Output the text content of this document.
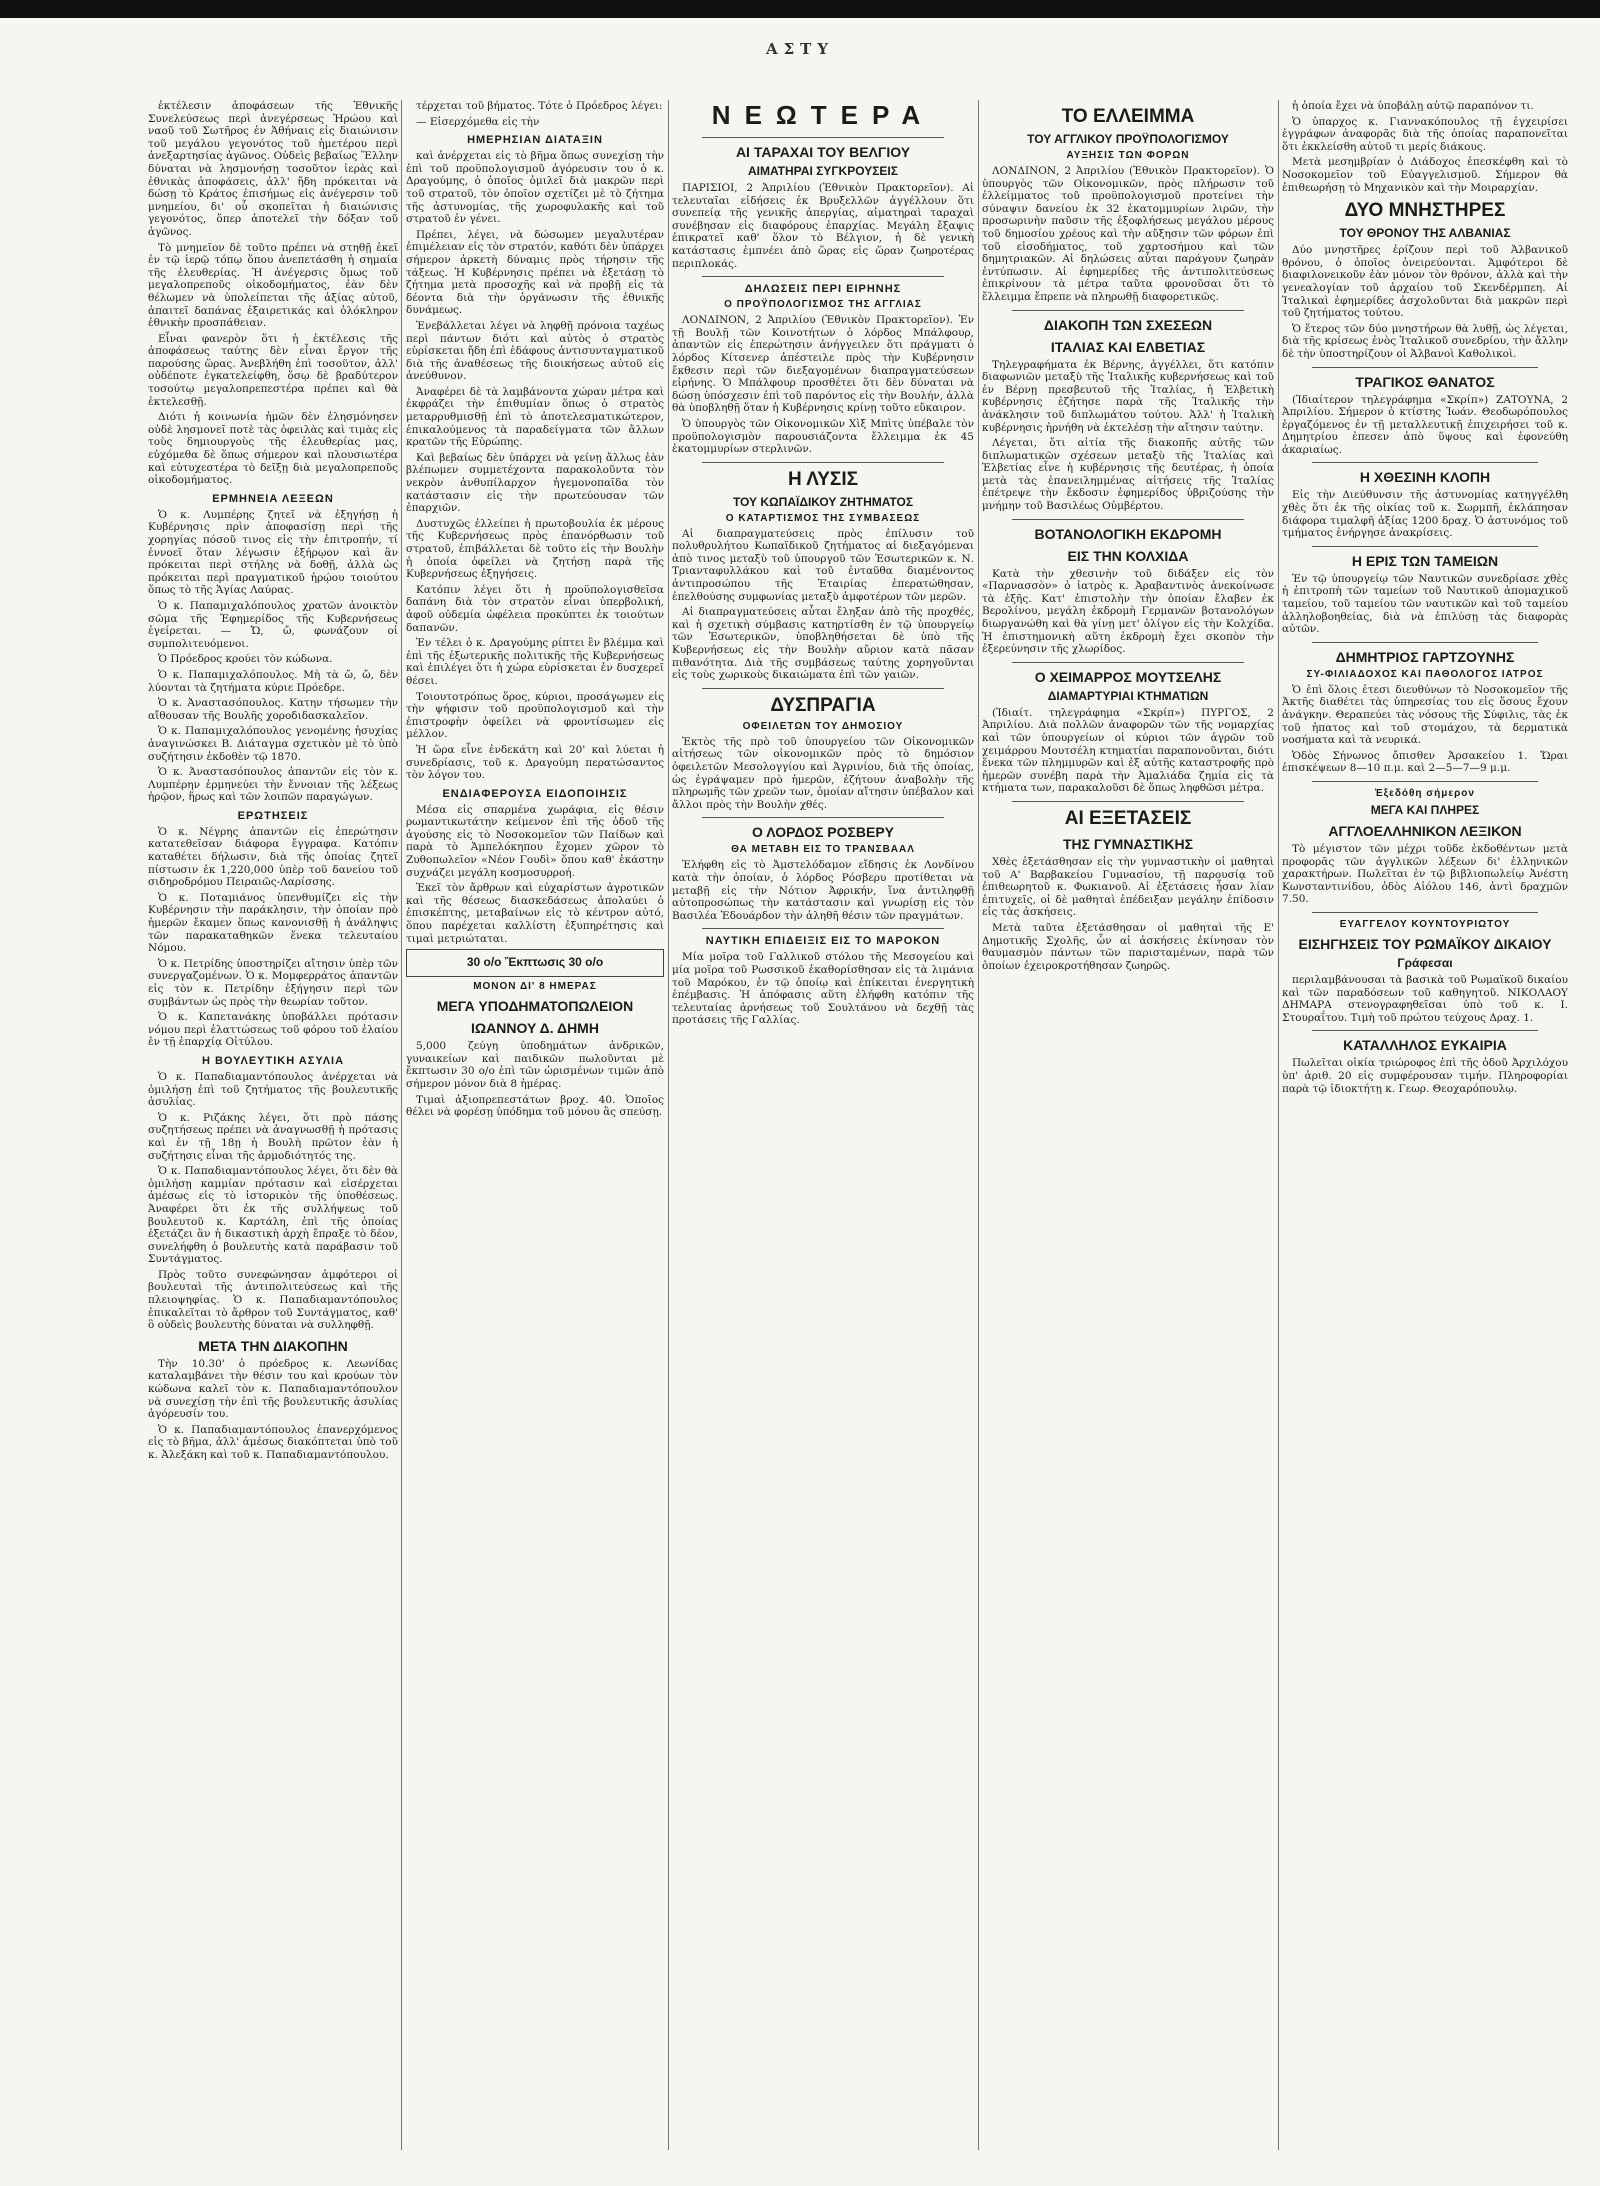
ΑΣΤΥ

ἐκτέλεσιν ἀποφάσεων τῆς Ἐθνικῆς Συνελεύσεως περὶ ἀνεγέρσεως Ἡρώου καὶ ναοῦ τοῦ Σωτῆρος ἐν Ἀθήναις εἰς διαιώνισιν τοῦ μεγάλου γεγονότος τοῦ ἡμετέρου περὶ ἀνεξαρτησίας ἀγῶνος. Οὐδεὶς βεβαίως Ἕλλην δύναται νὰ λησμονήσῃ τοσοῦτον ἱερὰς καὶ ἐθνικὰς ἀποφάσεις, ἀλλ' ἤδη πρόκειται νὰ δώσῃ τὸ Κράτος ἐπισήμως εἰς ἀνέγερσιν τοῦ μνημείου, δι' οὗ σκοπεῖται ἡ διαιώνισις γεγονότος, ὅπερ ἀποτελεῖ τὴν δόξαν τοῦ ἀγῶνος.

Τὸ μνημεῖον δὲ τοῦτο πρέπει νὰ στηθῇ ἐκεῖ ἐν τῷ ἱερῷ τόπῳ ὅπου ἀνεπετάσθη ἡ σημαία τῆς ἐλευθερίας. Ἡ ἀνέγερσις ὅμως τοῦ μεγαλοπρεποῦς οἰκοδομήματος, ἐὰν δὲν θέλωμεν νὰ ὑπολείπεται τῆς ἀξίας αὐτοῦ, ἀπαιτεῖ δαπάνας ἐξαιρετικάς καὶ ὁλόκληρον ἐθνικὴν προσπάθειαν.

Εἶναι φανερὸν ὅτι ἡ ἐκτέλεσις τῆς ἀποφάσεως ταύτης δὲν εἶναι ἔργον τῆς παρούσης ὥρας. Ἀνεβλήθη ἐπὶ τοσοῦτον, ἀλλ' οὐδέποτε ἐγκατελείφθη, ὅσῳ δὲ βραδύτερον τοσούτῳ μεγαλοπρεπεστέρα πρέπει καὶ θὰ ἐκτελεσθῇ.

Διότι ἡ κοινωνία ἡμῶν δὲν ἐλησμόνησεν οὐδὲ λησμονεῖ ποτὲ τὰς ὀφειλὰς καὶ τιμὰς εἰς τοὺς δημιουργοὺς τῆς ἐλευθερίας μας, εὐχόμεθα δὲ ὅπως σήμερον καὶ πλουσιωτέρα καὶ εὐτυχεστέρα τὸ δεῖξῃ διὰ μεγαλοπρεποῦς οἰκοδομήματος.

ΕΡΜΗΝΕΙΑ ΛΕΞΕΩΝ

Ὁ κ. Λυμπέρης ζητεῖ νὰ ἐξηγήσῃ ἡ Κυβέρνησις πρὶν ἀποφασίσῃ περὶ τῆς χορηγίας πόσοῦ τινος εἰς τὴν ἐπιτροπήν, τί ἐννοεῖ ὅταν λέγωσιν ἐξήρῳον καὶ ἂν πρόκειται περὶ στήλης νὰ δοθῇ, ἀλλὰ ὡς πρόκειται περὶ πραγματικοῦ ἡρῴου τοιούτου ὅπως τὸ τῆς Ἁγίας Λαύρας.

Ὁ κ. Παπαμιχαλόπουλος χρατῶν ἀνοικτὸν σῶμα τῆς Ἐφημερίδος τῆς Κυβερνήσεως ἐγείρεται. — Ὤ, ὤ, φωνάζουν οἱ συμπολιτευόμενοι.

Ὁ Πρόεδρος κρούει τὸν κώδωνα.

Ὁ κ. Παπαμιχαλόπουλος. Μὴ τὰ ὤ, ὤ, δὲν λύονται τὰ ζητήματα κύριε Πρόεδρε.

Ὁ κ. Ἀναστασόπουλος. Κατην τήσωμεν τὴν αἴθουσαν τῆς Βουλῆς χοροδιδασκαλεῖον.

Ὁ κ. Παπαμιχαλόπουλος γενομένης ἡσυχίας ἀναγινώσκει Β. Διάταγμα σχετικὸν μὲ τὸ ὑπὸ συζήτησιν ἐκδοθὲν τῷ 1870.

Ὁ κ. Ἀναστασόπουλος ἀπαντῶν εἰς τὸν κ. Λυμπέρην ἑρμηνεύει τὴν ἔννοιαν τῆς λέξεως ἡρῷον, ἥρως καὶ τῶν λοιπῶν παραγώγων.

ΕΡΩΤΗΣΕΙΣ

Ὁ κ. Νέγρης ἀπαντῶν εἰς ἐπερώτησιν κατατεθεῖσαν διάφορα ἔγγραφα. Κατόπιν καταθέτει δήλωσιν, διὰ τῆς ὁποίας ζητεῖ πίστωσιν ἐκ 1,220,000 ὑπὲρ τοῦ δανείου τοῦ σιδηροδρόμου Πειραιῶς-Λαρίσσης.

Ὁ κ. Ποταμιάνος ὑπενθυμίζει εἰς τὴν Κυβέρνησιν τὴν παράκλησιν, τὴν ὁποίαν πρὸ ἡμερῶν ἔκαμεν ὅπως κανονισθῇ ἡ ἀνάληψις τῶν παρακαταθηκῶν ἕνεκα τελευταίου Νόμου.

Ὁ κ. Πετρίδης ὑποστηρίζει αἴτησιν ὑπὲρ τῶν συνεργαζομένων. Ὁ κ. Μομφερράτος ἀπαντῶν εἰς τὸν κ. Πετρίδην ἐξήγησιν περὶ τῶν συμβάντων ὡς πρὸς τὴν θεωρίαν τοῦτον.

Ὁ κ. Καπετανάκης ὑποβάλλει πρότασιν νόμου περὶ ἐλαττώσεως τοῦ φόρου τοῦ ἐλαίου ἐν τῇ ἐπαρχίᾳ Οἰτύλου.

Η ΒΟΥΛΕΥΤΙΚΗ ΑΣΥΛΙΑ

Ὁ κ. Παπαδιαμαντόπουλος ἀνέρχεται νὰ ὁμιλήσῃ ἐπὶ τοῦ ζητήματος τῆς βουλευτικῆς ἀσυλίας.

Ὁ κ. Ριζάκης λέγει, ὅτι πρὸ πάσης συζητήσεως πρέπει νὰ ἀναγνωσθῇ ἡ πρότασις καὶ ἐν τῇ 18ῃ ἡ Βουλὴ πρῶτον ἐὰν ἡ συζήτησις εἶναι τῆς ἁρμοδιότητός της.

Ὁ κ. Παπαδιαμαντόπουλος λέγει, ὅτι δὲν θὰ ὁμιλήσῃ καμμίαν πρότασιν καὶ εἰσέρχεται ἀμέσως εἰς τὸ ἱστορικὸν τῆς ὑποθέσεως. Ἀναφέρει ὅτι ἐκ τῆς συλλήψεως τοῦ βουλευτοῦ κ. Καρτάλη, ἐπὶ τῆς ὁποίας ἐξετάζει ἂν ἡ δικαστικὴ ἀρχὴ ἔπραξε τὸ δέον, συνελήφθη ὁ βουλευτὴς κατὰ παράβασιν τοῦ Συντάγματος.

Πρὸς τοῦτο συνεφώνησαν ἀμφότεροι οἱ βουλευταὶ τῆς ἀντιπολιτεύσεως καὶ τῆς πλειοψηφίας. Ὁ κ. Παπαδιαμαντόπουλος ἐπικαλεῖται τὸ ἄρθρον τοῦ Συντάγματος, καθ' ὃ οὐδεὶς βουλευτὴς δύναται νὰ συλληφθῇ.

ΜΕΤΑ ΤΗΝ ΔΙΑΚΟΠΗΝ

Τὴν 10.30' ὁ πρόεδρος κ. Λεωνίδας καταλαμβάνει τὴν θέσιν του καὶ κρούων τὸν κώδωνα καλεῖ τὸν κ. Παπαδιαμαντόπουλον νὰ συνεχίσῃ τὴν ἐπὶ τῆς βουλευτικῆς ἀσυλίας ἀγόρευσίν του.

Ὁ κ. Παπαδιαμαντόπουλος ἐπανερχόμενος εἰς τὸ βῆμα, ἀλλ' ἀμέσως διακόπτεται ὑπὸ τοῦ κ. Ἀλεξάκη καὶ τοῦ κ. Παπαδιαμαντόπουλου.

τέρχεται τοῦ βήματος. Τότε ὁ Πρόεδρος λέγει:

— Εἰσερχόμεθα εἰς τὴν

ΗΜΕΡΗΣΙΑΝ ΔΙΑΤΑΞΙΝ

καὶ ἀνέρχεται εἰς τὸ βῆμα ὅπως συνεχίσῃ τὴν ἐπὶ τοῦ προϋπολογισμοῦ ἀγόρευσιν του ὁ κ. Δραγούμης, ὁ ὁποῖος ὁμιλεῖ διὰ μακρῶν περὶ τοῦ στρατοῦ, τὸν ὁποῖον σχετίζει μὲ τὸ ζήτημα τῆς ἀστυνομίας, τῆς χωροφυλακῆς καὶ τοῦ στρατοῦ ἐν γένει.

Πρέπει, λέγει, νὰ δώσωμεν μεγαλυτέραν ἐπιμέλειαν εἰς τὸν στρατόν, καθότι δὲν ὑπάρχει σήμερον ἀρκετὴ δύναμις πρὸς τήρησιν τῆς τάξεως. Ἡ Κυβέρνησις πρέπει νὰ ἐξετάσῃ τὸ ζήτημα μετὰ προσοχῆς καὶ νὰ προβῇ εἰς τὰ δέοντα διὰ τὴν ὀργάνωσιν τῆς ἐθνικῆς δυνάμεως.

Ἐνεβάλλεται λέγει νὰ ληφθῇ πρόνοια ταχέως περὶ πάντων διότι καὶ αὐτὸς ὁ στρατὸς εὑρίσκεται ἤδη ἐπὶ ἐδάφους ἀντισυνταγματικοῦ διὰ τῆς ἀναθέσεως τῆς διοικήσεως αὐτοῦ εἰς ἀνεύθυνον.

Ἀναφέρει δὲ τὰ λαμβάνοντα χώραν μέτρα καὶ ἐκφράζει τὴν ἐπιθυμίαν ὅπως ὁ στρατὸς μεταρρυθμισθῇ ἐπὶ τὸ ἀποτελεσματικώτερον, ἐπικαλούμενος τὰ παραδείγματα τῶν ἄλλων κρατῶν τῆς Εὐρώπης.

Καὶ βεβαίως δὲν ὑπάρχει νὰ γείνῃ ἄλλως ἐὰν βλέπωμεν συμμετέχοντα παρακολοῦντα τὸν νεκρὸν ἀνθυπίλαρχον ἡγεμονοπαῖδα τὸν κατάστασιν εἰς τὴν πρωτεύουσαν τῶν ἐπαρχιῶν.

Δυστυχῶς ἐλλείπει ἡ πρωτοβουλία ἐκ μέρους τῆς Κυβερνήσεως πρὸς ἐπανόρθωσιν τοῦ στρατοῦ, ἐπιβάλλεται δὲ τοῦτο εἰς τὴν Βουλὴν ἡ ὁποία ὀφείλει νὰ ζητήσῃ παρὰ τῆς Κυβερνήσεως ἐξηγήσεις.

Κατόπιν λέγει ὅτι ἡ προϋπολογισθεῖσα δαπάνη διὰ τὸν στρατὸν εἶναι ὑπερβολική, ἀφοῦ οὐδεμία ὠφέλεια προκύπτει ἐκ τοιούτων δαπανῶν.

Ἐν τέλει ὁ κ. Δραγούμης ρίπτει ἓν βλέμμα καὶ ἐπὶ τῆς ἐξωτερικῆς πολιτικῆς τῆς Κυβερνήσεως καὶ ἐπιλέγει ὅτι ἡ χώρα εὑρίσκεται ἐν δυσχερεῖ θέσει.

Τοιουτοτρόπως ὅρος, κύριοι, προσάγωμεν εἰς τὴν ψήφισιν τοῦ προϋπολογισμοῦ καὶ τὴν ἐπιστροφὴν ὀφείλει νὰ φροντίσωμεν εἰς μέλλον.

Ἡ ὥρα εἶνε ἐνδεκάτη καὶ 20' καὶ λύεται ἡ συνεδρίασις, τοῦ κ. Δραγούμη περατώσαντος τὸν λόγον του.

ΕΝΔΙΑΦΕΡΟΥΣΑ ΕΙΔΟΠΟΙΗΣΙΣ

Μέσα εἰς σπαρμένα χωράφια, εἰς θέσιν ρωμαντικωτάτην κείμενον ἐπὶ τῆς ὁδοῦ τῆς ἀγούσης εἰς τὸ Νοσοκομεῖον τῶν Παίδων καὶ παρὰ τὸ Ἀμπελόκηπου ἔχομεν χῶρον τὸ Ζυθοπωλεῖον «Νέον Γουδὶ» ὅπου καθ' ἑκάστην συχνάζει μεγάλη κοσμοσυρροή.

Ἐκεῖ τὸν ἄρθρων καὶ εὐχαρίστων ἀγροτικῶν καὶ τῆς θέσεως διασκεδάσεως ἀπολαύει ὁ ἐπισκέπτης, μεταβαίνων εἰς τὸ κέντρον αὐτό, ὅπου παρέχεται καλλίστη ἐξυπηρέτησις καὶ τιμαὶ μετριώταται.

30 ο/ο Ἔκπτωσις 30 ο/ο
ΜΟΝΟΝ ΔΙ' 8 ΗΜΕΡΑΣ
ΜΕΓΑ ΥΠΟΔΗΜΑΤΟΠΩΛΕΙΟΝ
ΙΩΑΝΝΟΥ Δ. ΔΗΜΗ

5,000 ζεύγη ὑποδημάτων ἀνδρικῶν, γυναικείων καὶ παιδικῶν πωλοῦνται μὲ ἔκπτωσιν 30 ο/ο ἐπὶ τῶν ὡρισμένων τιμῶν ἀπὸ σήμερον μόνον διὰ 8 ἡμέρας.

Τιμαὶ ἀξιοπρεπεστάτων βροχ. 40. Ὁποῖος θέλει νὰ φορέσῃ ὑπόδημα τοῦ μόνου ἂς σπεύσῃ.

ΝΕΩΤΕΡΑ
ΑΙ ΤΑΡΑΧΑΙ ΤΟΥ ΒΕΛΓΙΟΥ
ΑΙΜΑΤΗΡΑΙ ΣΥΓΚΡΟΥΣΕΙΣ

ΠΑΡΙΣΙΟΙ, 2 Ἀπριλίου (Ἐθνικὸν Πρακτορεῖον). Αἱ τελευταῖαι εἰδήσεις ἐκ Βρυξελλῶν ἀγγέλλουν ὅτι συνεπείᾳ τῆς γενικῆς ἀπεργίας, αἱματηραὶ ταραχαὶ συνέβησαν εἰς διαφόρους ἐπαρχίας. Μεγάλη ἔξαψις ἐπικρατεῖ καθ' ὅλον τὸ Βέλγιον, ἡ δὲ γενικὴ κατάστασις ἐμπνέει ἀπὸ ὥρας εἰς ὥραν ζωηροτέρας περιπλοκάς.

ΔΗΛΩΣΕΙΣ ΠΕΡΙ ΕΙΡΗΝΗΣ
Ο ΠΡΟΫΠΟΛΟΓΙΣΜΟΣ ΤΗΣ ΑΓΓΛΙΑΣ

ΛΟΝΔΙΝΟΝ, 2 Ἀπριλίου (Ἐθνικὸν Πρακτορεῖον). Ἐν τῇ Βουλῇ τῶν Κοινοτήτων ὁ λόρδος Μπάλφουρ, ἀπαντῶν εἰς ἐπερώτησιν ἀνήγγειλεν ὅτι πράγματι ὁ λόρδος Κίτσενερ ἀπέστειλε πρὸς τὴν Κυβέρνησιν ἔκθεσιν περὶ τῶν διεξαγομένων διαπραγματεύσεων εἰρήνης. Ὁ Μπάλφουρ προσθέτει ὅτι δὲν δύναται νὰ δώσῃ ὑπόσχεσιν ἐπὶ τοῦ παρόντος εἰς τὴν Βουλήν, ἀλλὰ θὰ ὑποβληθῇ ὅταν ἡ Κυβέρνησις κρίνῃ τοῦτο εὔκαιρον.

Ὁ ὑπουργὸς τῶν Οἰκονομικῶν Χὶξ Μπὶτς ὑπέβαλε τὸν προϋπολογισμὸν παρουσιάζοντα ἔλλειμμα ἐκ 45 ἑκατομμυρίων στερλινῶν.

Η ΛΥΣΙΣ
ΤΟΥ ΚΩΠΑΪΔΙΚΟΥ ΖΗΤΗΜΑΤΟΣ
Ο ΚΑΤΑΡΤΙΣΜΟΣ ΤΗΣ ΣΥΜΒΑΣΕΩΣ

Αἱ διαπραγματεύσεις πρὸς ἐπίλυσιν τοῦ πολυθρυλήτου Κωπαϊδικοῦ ζητήματος αἱ διεξαγόμεναι ἀπὸ τινος μεταξὺ τοῦ ὑπουργοῦ τῶν Ἐσωτερικῶν κ. Ν. Τριανταφυλλάκου καὶ τοῦ ἐνταῦθα διαμένοντος ἀντιπροσώπου τῆς Ἑταιρίας ἐπερατώθησαν, ἐπελθούσης συμφωνίας μεταξὺ ἀμφοτέρων τῶν μερῶν.

Αἱ διαπραγματεύσεις αὗται ἔληξαν ἀπὸ τῆς προχθές, καὶ ἡ σχετικὴ σύμβασις κατηρτίσθη ἐν τῷ ὑπουργείῳ τῶν Ἐσωτερικῶν, ὑποβληθήσεται δὲ ὑπὸ τῆς Κυβερνήσεως εἰς τὴν Βουλὴν αὔριον κατὰ πᾶσαν πιθανότητα. Διὰ τῆς συμβάσεως ταύτης χορηγοῦνται εἰς τοὺς χωρικοὺς δικαιώματα ἐπὶ τῶν γαιῶν.

ΔΥΣΠΡΑΓΙΑ
ΟΦΕΙΛΕΤΩΝ ΤΟΥ ΔΗΜΟΣΙΟΥ

Ἐκτὸς τῆς πρὸ τοῦ ὑπουργείου τῶν Οἰκονομικῶν αἰτήσεως τῶν οἰκονομικῶν πρὸς τὸ δημόσιον ὀφειλετῶν Μεσολογγίου καὶ Ἀγρινίου, διὰ τῆς ὁποίας, ὡς ἐγράψαμεν πρὸ ἡμερῶν, ἐζήτουν ἀναβολὴν τῆς πληρωμῆς τῶν χρεῶν των, ὁμοίαν αἴτησιν ὑπέβαλον καὶ ἄλλοι πρὸς τὴν Βουλὴν χθές.

Ο ΛΟΡΔΟΣ ΡΟΣΒΕΡΥ
ΘΑ ΜΕΤΑΒΗ ΕΙΣ ΤΟ ΤΡΑΝΣΒΑΑΛ

Ἐλήφθη εἰς τὸ Ἀμστελόδαμον εἴδησις ἐκ Λονδίνου κατὰ τὴν ὁποίαν, ὁ λόρδος Ρόσβερυ προτίθεται νὰ μεταβῇ εἰς τὴν Νότιον Ἀφρικήν, ἵνα ἀντιληφθῇ αὐτοπροσώπως τὴν κατάστασιν καὶ γνωρίσῃ εἰς τὸν Βασιλέα Ἐδουάρδον τὴν ἀληθῆ θέσιν τῶν πραγμάτων.

ΝΑΥΤΙΚΗ ΕΠΙΔΕΙΞΙΣ ΕΙΣ ΤΟ ΜΑΡΟΚΟΝ

Μία μοῖρα τοῦ Γαλλικοῦ στόλου τῆς Μεσογείου καὶ μία μοῖρα τοῦ Ρωσσικοῦ ἐκαθορίσθησαν εἰς τὰ λιμάνια τοῦ Μαρόκου, ἐν τῷ ὁποίῳ καὶ ἐπίκειται ἐνεργητικὴ ἐπέμβασις. Ἡ ἀπόφασις αὕτη ἐλήφθη κατόπιν τῆς τελευταίας ἀρνήσεως τοῦ Σουλτάνου νὰ δεχθῇ τὰς προτάσεις τῆς Γαλλίας.

ΤΟ ΕΛΛΕΙΜΜΑ
ΤΟΥ ΑΓΓΛΙΚΟΥ ΠΡΟΫΠΟΛΟΓΙΣΜΟΥ
ΑΥΞΗΣΙΣ ΤΩΝ ΦΟΡΩΝ

ΛΟΝΔΙΝΟΝ, 2 Ἀπριλίου (Ἐθνικὸν Πρακτορεῖον). Ὁ ὑπουργὸς τῶν Οἰκονομικῶν, πρὸς πλήρωσιν τοῦ ἐλλείμματος τοῦ προϋπολογισμοῦ προτείνει τὴν σύναψιν δανείου ἐκ 32 ἑκατομμυρίων λιρῶν, τὴν προσωρινὴν παῦσιν τῆς ἐξοφλήσεως μεγάλου μέρους τοῦ δημοσίου χρέους καὶ τὴν αὔξησιν τῶν φόρων ἐπὶ τοῦ εἰσοδήματος, τοῦ χαρτοσήμου καὶ τῶν δημητριακῶν. Αἱ δηλώσεις αὗται παράγουν ζωηρὰν ἐντύπωσιν. Αἱ ἐφημερίδες τῆς ἀντιπολιτεύσεως ἐπικρίνουν τὰ μέτρα ταῦτα φρονοῦσαι ὅτι τὸ ἔλλειμμα ἔπρεπε νὰ πληρωθῇ διαφορετικῶς.

ΔΙΑΚΟΠΗ ΤΩΝ ΣΧΕΣΕΩΝ
ΙΤΑΛΙΑΣ ΚΑΙ ΕΛΒΕΤΙΑΣ

Τηλεγραφήματα ἐκ Βέρνης, ἀγγέλλει, ὅτι κατόπιν διαφωνιῶν μεταξὺ τῆς Ἰταλικῆς κυβερνήσεως καὶ τοῦ ἐν Βέρνῃ πρεσβευτοῦ τῆς Ἰταλίας, ἡ Ἑλβετικὴ κυβέρνησις ἐζήτησε παρὰ τῆς Ἰταλικῆς τὴν ἀνάκλησιν τοῦ διπλωμάτου τούτου. Ἀλλ' ἡ Ἰταλικὴ κυβέρνησις ἠρνήθη νὰ ἐκτελέσῃ τὴν αἴτησιν ταύτην.

Λέγεται, ὅτι αἰτία τῆς διακοπῆς αὐτῆς τῶν διπλωματικῶν σχέσεων μεταξὺ τῆς Ἰταλίας καὶ Ἑλβετίας εἶνε ἡ κυβέρνησις τῆς δευτέρας, ἡ ὁποία μετὰ τὰς ἐπανειλημμένας αἰτήσεις τῆς Ἰταλίας ἐπέτρεψε τὴν ἔκδοσιν ἐφημερίδος ὑβριζούσης τὴν μνήμην τοῦ Βασιλέως Οὐμβέρτου.

ΒΟΤΑΝΟΛΟΓΙΚΗ ΕΚΔΡΟΜΗ
ΕΙΣ ΤΗΝ ΚΟΛΧΙΔΑ

Κατὰ τὴν χθεσινὴν τοῦ διδάξεν εἰς τὸν «Παρνασσὸν» ὁ ἰατρὸς κ. Ἀραβαντινὸς ἀνεκοίνωσε τὰ ἑξῆς. Κατ' ἐπιστολὴν τὴν ὁποίαν ἔλαβεν ἐκ Βερολίνου, μεγάλη ἐκδρομὴ Γερμανῶν βοτανολόγων διωργανώθη καὶ θὰ γίνῃ μετ' ὀλίγον εἰς τὴν Κολχίδα. Ἡ ἐπιστημονικὴ αὕτη ἐκδρομὴ ἔχει σκοπὸν τὴν ἐξερεύνησιν τῆς χλωρίδος.

Ο ΧΕΙΜΑΡΡΟΣ ΜΟΥΤΣΕΛΗΣ
ΔΙΑΜΑΡΤΥΡΙΑΙ ΚΤΗΜΑΤΙΩΝ

(Ἰδιαίτ. τηλεγράφημα «Σκρίπ») ΠΥΡΓΟΣ, 2 Ἀπριλίου. Διὰ πολλῶν ἀναφορῶν τῶν τῆς νομαρχίας καὶ τῶν ὑπουργείων οἱ κύριοι τῶν ἀγρῶν τοῦ χειμάρρου Μουτσέλη κτηματίαι παραπονοῦνται, διότι ἕνεκα τῶν πλημμυρῶν καὶ ἐξ αὐτῆς καταστροφῆς πρὸ ἡμερῶν συνέβη παρὰ τὴν Ἀμαλιάδα ζημία εἰς τὰ κτήματα των, παρακαλοῦσι δὲ ὅπως ληφθῶσι μέτρα.

ΑΙ ΕΞΕΤΑΣΕΙΣ
ΤΗΣ ΓΥΜΝΑΣΤΙΚΗΣ

Χθὲς ἐξετάσθησαν εἰς τὴν γυμναστικὴν οἱ μαθηταὶ τοῦ Α' Βαρβακείου Γυμνασίου, τῇ παρουσίᾳ τοῦ ἐπιθεωρητοῦ κ. Φωκιανοῦ. Αἱ ἐξετάσεις ἦσαν λίαν ἐπιτυχεῖς, οἱ δὲ μαθηταὶ ἐπέδειξαν μεγάλην ἐπίδοσιν εἰς τὰς ἀσκήσεις.

Μετὰ ταῦτα ἐξετάσθησαν οἱ μαθηταὶ τῆς Ε' Δημοτικῆς Σχολῆς, ὧν αἱ ἀσκήσεις ἐκίνησαν τὸν θαυμασμὸν πάντων τῶν παρισταμένων, παρὰ τῶν ὁποίων ἐχειροκροτήθησαν ζωηρῶς.

ἡ ὁποία ἔχει νὰ ὑποβάλῃ αὐτῷ παραπόνον τι.

Ὁ ὑπαρχος κ. Γιαννακόπουλος τῇ ἐγχειρίσει ἐγγράφων ἀναφορᾶς διὰ τῆς ὁποίας παραπονεῖται ὅτι ἐκκλείσθη αὐτοῦ τι μερίς διάκους.

Μετὰ μεσημβρίαν ὁ Διάδοχος ἐπεσκέφθη καὶ τὸ Νοσοκομεῖον τοῦ Εὐαγγελισμοῦ. Σήμερον θὰ ἐπιθεωρήσῃ τὸ Μηχανικὸν καὶ τὴν Μοιραρχίαν.

ΔΥΟ ΜΝΗΣΤΗΡΕΣ
ΤΟΥ ΘΡΟΝΟΥ ΤΗΣ ΑΛΒΑΝΙΑΣ

Δύο μνηστῆρες ἐρίζουν περὶ τοῦ Ἀλβανικοῦ θρόνου, ὁ ὁποῖος ὀνειρεύονται. Ἀμφότεροι δὲ διαφιλονεικοῦν ἐὰν μόνον τὸν θρόνον, ἀλλὰ καὶ τὴν γενεαλογίαν τοῦ ἀρχαίου τοῦ Σκενδέρμπεη. Αἱ Ἰταλικαὶ ἐφημερίδες ἀσχολοῦνται διὰ μακρῶν περὶ τοῦ ζητήματος τούτου.

Ὁ ἕτερος τῶν δύο μνηστήρων θὰ λυθῇ, ὡς λέγεται, διὰ τῆς κρίσεως ἐνὸς Ἰταλικοῦ συνεδρίου, τὴν ἄλλην δὲ τὴν ὑποστηρίζουν οἱ Ἀλβανοὶ Καθολικοὶ.

ΤΡΑΓΙΚΟΣ ΘΑΝΑΤΟΣ

(Ἰδιαίτερον τηλεγράφημα «Σκρίπ») ΖΑΤΟΥΝΑ, 2 Ἀπριλίου. Σήμερον ὁ κτίστης Ἰωάν. Θεοδωρόπουλος ἐργαζόμενος ἐν τῇ μεταλλευτικῇ ἐπιχειρήσει τοῦ κ. Δημητρίου ἐπεσεν ἀπὸ ὕψους καὶ ἐφονεύθη ἀκαριαίως.

Η ΧΘΕΣΙΝΗ ΚΛΟΠΗ

Εἰς τὴν Διεύθυνσιν τῆς ἀστυνομίας κατηγγέλθη χθὲς ὅτι ἐκ τῆς οἰκίας τοῦ κ. Σωρμπῆ, ἐκλάπησαν διάφορα τιμαλφῆ ἀξίας 1200 δραχ. Ὁ ἀστυνόμος τοῦ τμήματος ἐνήργησε ἀνακρίσεις.

Η ΕΡΙΣ ΤΩΝ ΤΑΜΕΙΩΝ

Ἐν τῷ ὑπουργείῳ τῶν Ναυτικῶν συνεδρίασε χθὲς ἡ ἐπιτροπὴ τῶν ταμείων τοῦ Ναυτικοῦ ἀπομαχικοῦ ταμείου, τοῦ ταμείου τῶν ναυτικῶν καὶ τοῦ ταμείου ἀλληλοβοηθείας, διὰ νὰ ἐπιλύσῃ τὰς διαφορὰς αὐτῶν.

ΔΗΜΗΤΡΙΟΣ ΓΑΡΤΖΟΥΝΗΣ
ΣΥ-ΦΙΛΙΑΔΟΧΟΣ ΚΑΙ ΠΑΘΟΛΟΓΟΣ ΙΑΤΡΟΣ

Ὁ ἐπὶ ὅλοις ἐτεσι διευθύνων τὸ Νοσοκομεῖον τῆς Ἀκτῆς διαθέτει τὰς ὑπηρεσίας του εἰς ὅσους ἔχουν ἀνάγκην. Θεραπεύει τὰς νόσους τῆς Σύφιλις, τὰς ἐκ τοῦ ἡπατος καὶ τοῦ στομάχου, τὰ δερματικὰ νοσήματα καὶ τὰ νευρικά.

Ὁδὸς Σήνωνος ὄπισθεν Ἀρσακείου 1. Ὥραι ἐπισκέψεων 8—10 π.μ. καὶ 2—5—7—9 μ.μ.

Ἐξεδόθη σήμερον
ΜΕΓΑ ΚΑΙ ΠΛΗΡΕΣ
ΑΓΓΛΟΕΛΛΗΝΙΚΟΝ ΛΕΞΙΚΟΝ

Τὸ μέγιστον τῶν μέχρι τοῦδε ἐκδοθέντων μετὰ προφορᾶς τῶν ἀγγλικῶν λέξεων δι' ἑλληνικῶν χαρακτήρων. Πωλεῖται ἐν τῷ βιβλιοπωλείῳ Ἀνέστη Κωνσταντινίδου, ὁδὸς Αἰόλου 146, ἀντὶ δραχμῶν 7.50.

ΕΥΑΓΓΕΛΟΥ ΚΟΥΝΤΟΥΡΙΩΤΟΥ
ΕΙΣΗΓΗΣΕΙΣ ΤΟΥ ΡΩΜΑΪΚΟΥ ΔΙΚΑΙΟΥ
Γράφεσαι

περιλαμβάνουσαι τὰ βασικὰ τοῦ Ρωμαϊκοῦ δικαίου καὶ τῶν παραδόσεων τοῦ καθηγητοῦ. ΝΙΚΟΛΑΟΥ ΔΗΜΑΡΑ στενογραφηθεῖσαι ὑπὸ τοῦ κ. Ι. Στουραΐτου. Τιμὴ τοῦ πρώτου τεύχους Δραχ. 1.

ΚΑΤΑΛΛΗΛΟΣ ΕΥΚΑΙΡΙΑ

Πωλεῖται οἰκία τριώροφος ἐπὶ τῆς ὁδοῦ Ἀρχιλόχου ὑπ' ἀριθ. 20 εἰς συμφέρουσαν τιμήν. Πληροφορίαι παρὰ τῷ ἰδιοκτήτῃ κ. Γεωρ. Θεοχαρόπουλῳ.
